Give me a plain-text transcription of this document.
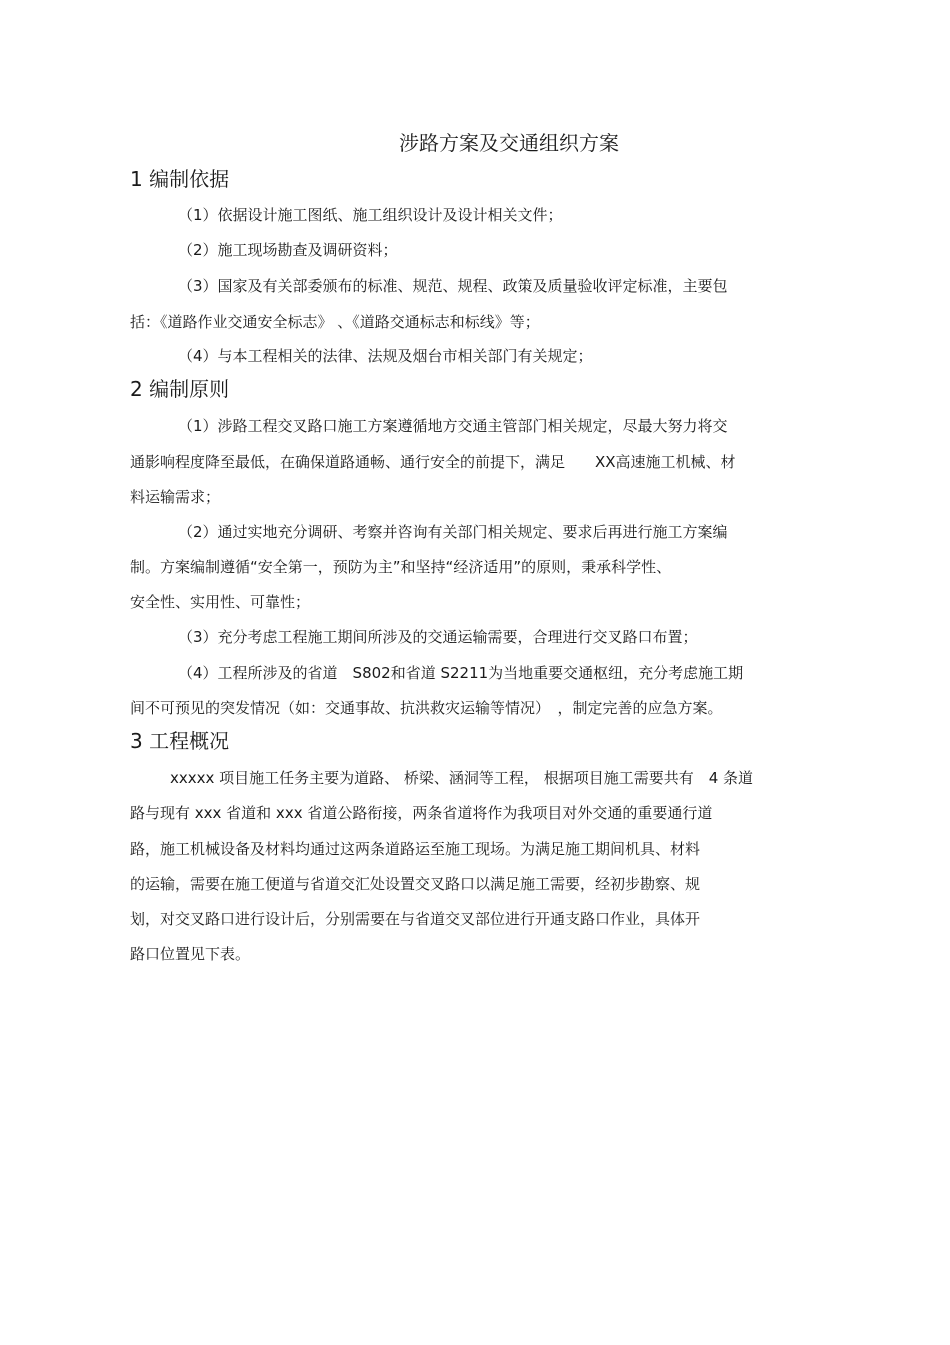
涉路方案及交通组织方案
1 编制依据
（1）依据设计施工图纸、施工组织设计及设计相关文件；
（2）施工现场勘查及调研资料；
（3）国家及有关部委颁布的标准、规范、规程、政策及质量验收评定标准，主要包
括：《道路作业交通安全标志》 、《道路交通标志和标线》等；
（4）与本工程相关的法律、法规及烟台市相关部门有关规定；
2 编制原则
（1）涉路工程交叉路口施工方案遵循地方交通主管部门相关规定，尽最大努力将交
通影响程度降至最低，在确保道路通畅、通行安全的前提下，满足　　XX高速施工机械、材
料运输需求；
（2）通过实地充分调研、考察并咨询有关部门相关规定、要求后再进行施工方案编
制。方案编制遵循“安全第一，预防为主”和坚持“经济适用”的原则，秉承科学性、
安全性、实用性、可靠性；
（3）充分考虑工程施工期间所涉及的交通运输需要，合理进行交叉路口布置；
（4）工程所涉及的省道　S802和省道 S2211为当地重要交通枢纽，充分考虑施工期
间不可预见的突发情况（如：交通事故、抗洪救灾运输等情况）　，制定完善的应急方案。
3 工程概况
xxxxx 项目施工任务主要为道路、 桥梁、涵洞等工程， 根据项目施工需要共有　4 条道
路与现有 xxx 省道和 xxx 省道公路衔接，两条省道将作为我项目对外交通的重要通行道
路，施工机械设备及材料均通过这两条道路运至施工现场。为满足施工期间机具、材料
的运输，需要在施工便道与省道交汇处设置交叉路口以满足施工需要，经初步勘察、规
划，对交叉路口进行设计后，分别需要在与省道交叉部位进行开通支路口作业，具体开
路口位置见下表。
